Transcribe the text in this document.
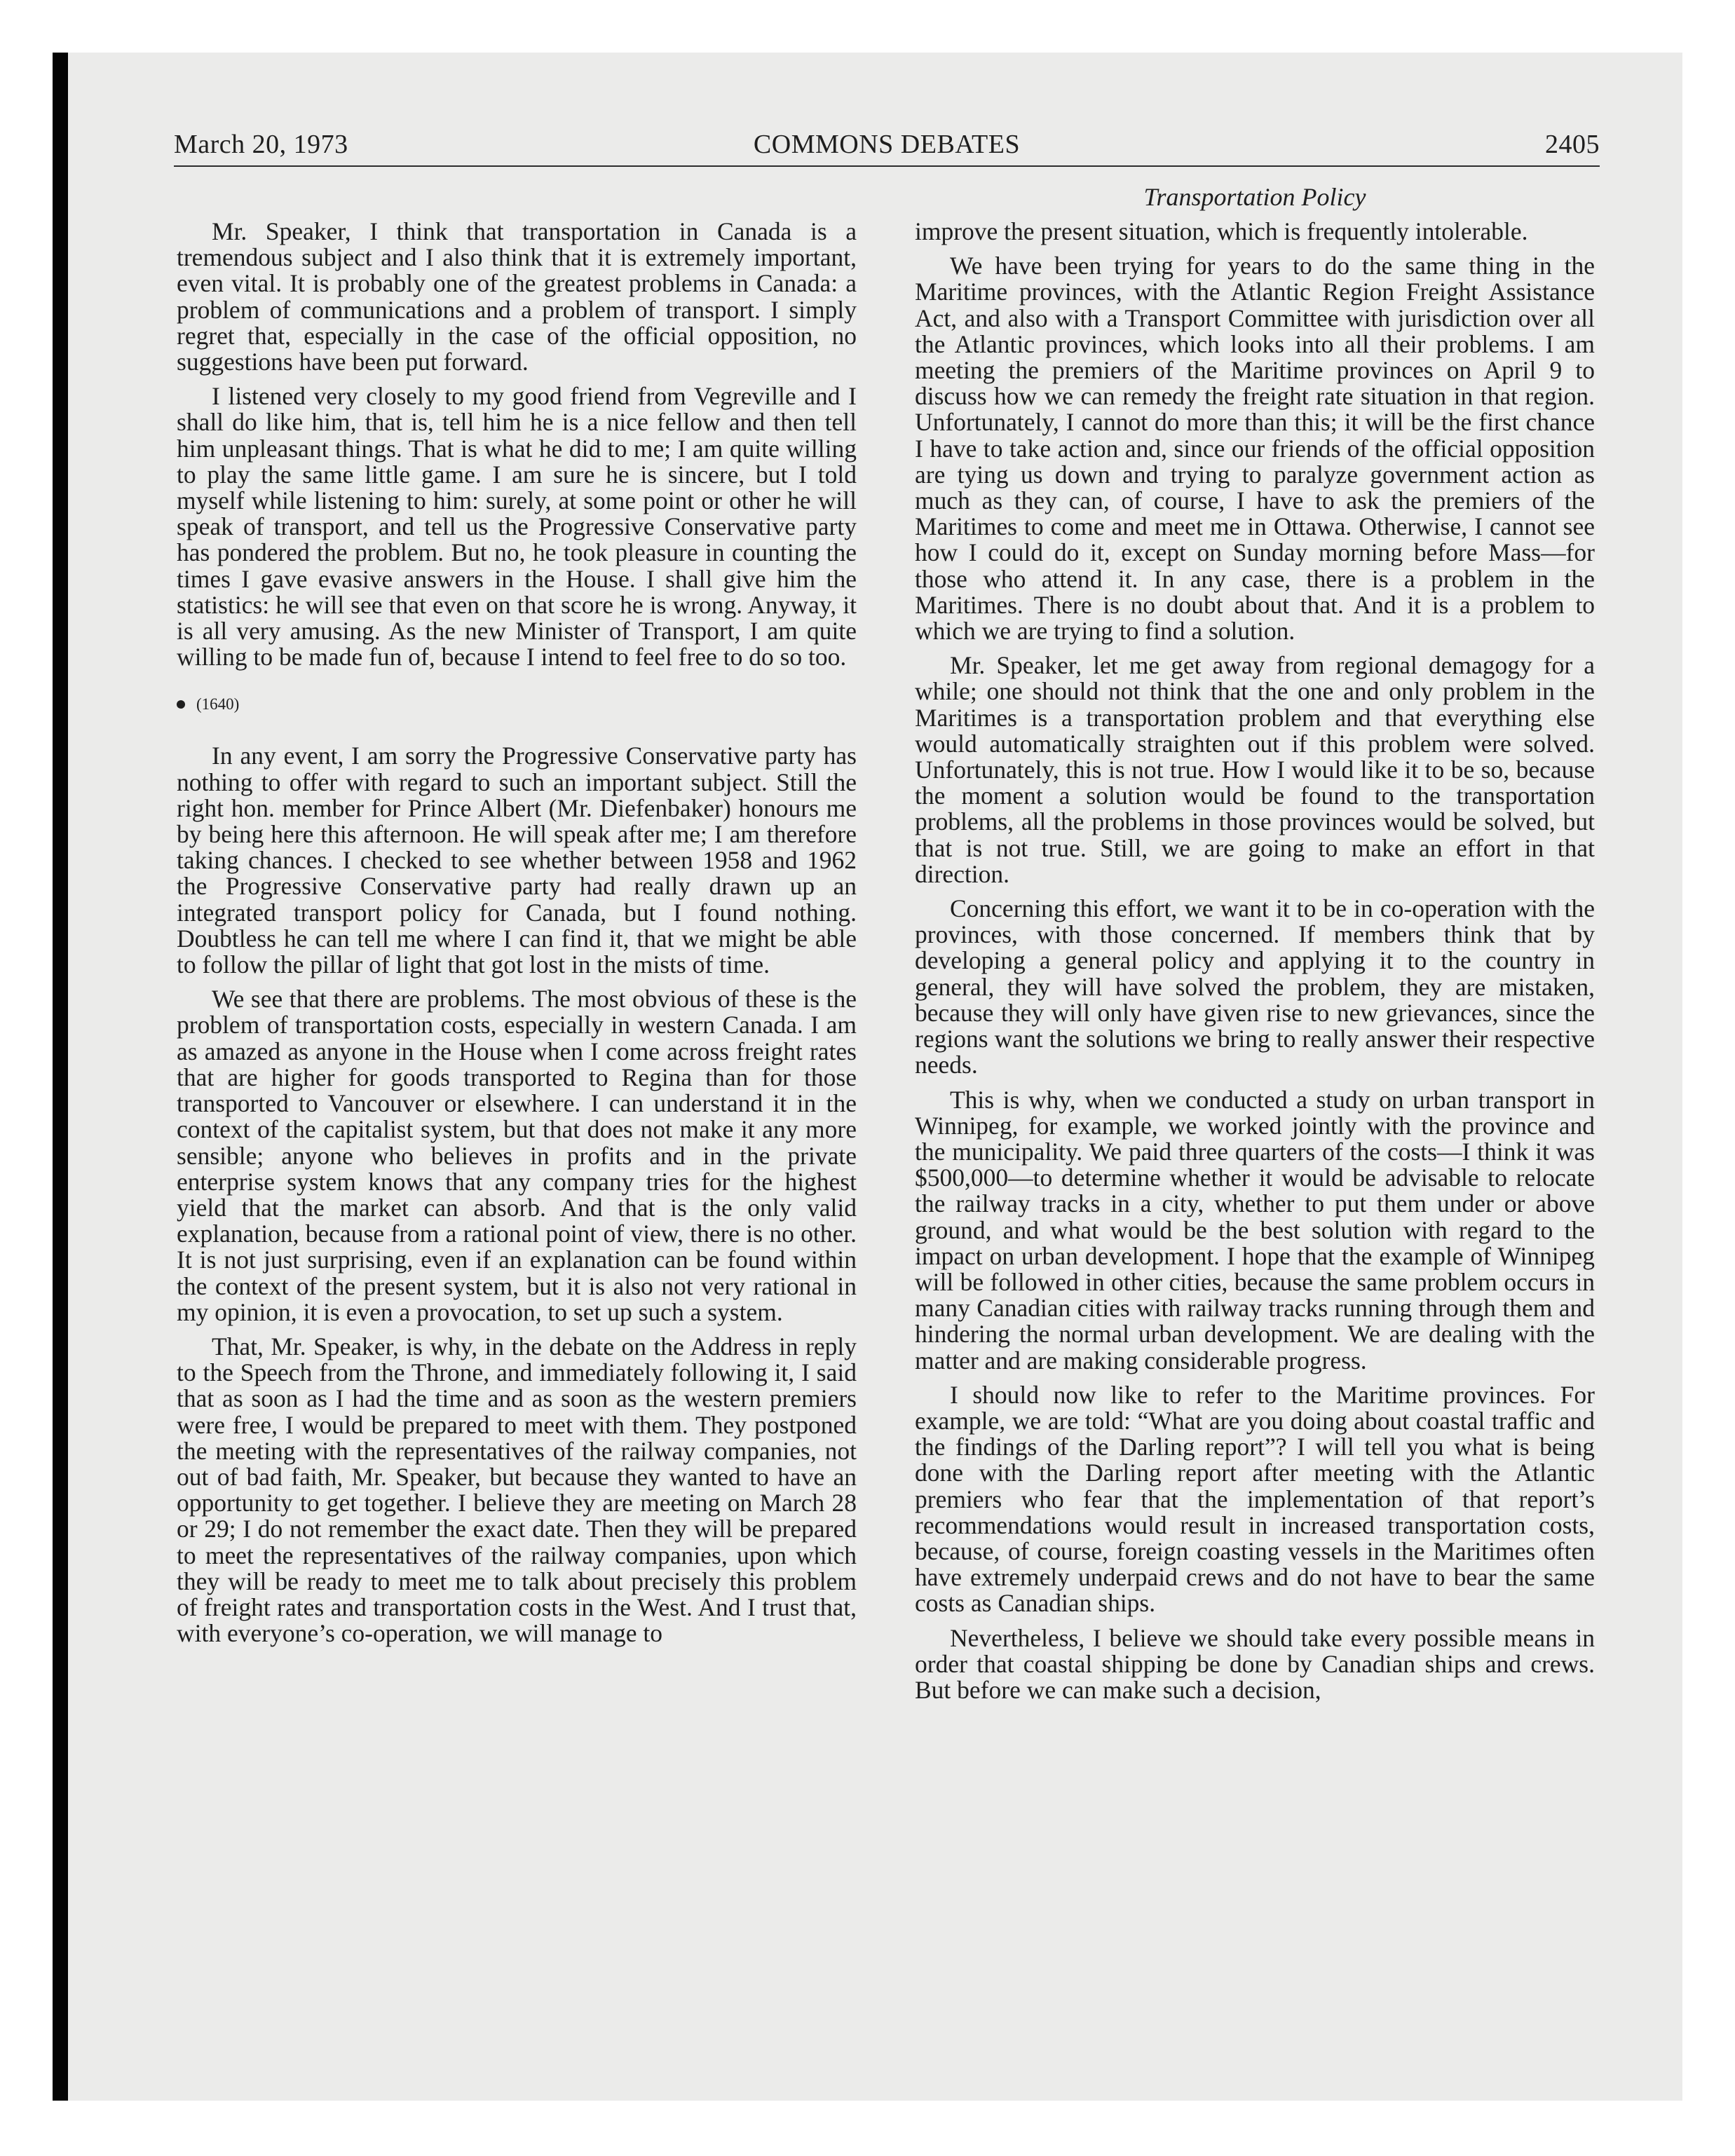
March 20, 1973	COMMONS DEBATES	2405
Transportation Policy

Mr. Speaker, I think that transportation in Canada is a tremendous subject and I also think that it is extremely important, even vital. It is probably one of the greatest problems in Canada: a problem of communications and a problem of transport. I simply regret that, especially in the case of the official opposition, no suggestions have been put forward.

I listened very closely to my good friend from Vegreville and I shall do like him, that is, tell him he is a nice fellow and then tell him unpleasant things. That is what he did to me; I am quite willing to play the same little game. I am sure he is sincere, but I told myself while listening to him: surely, at some point or other he will speak of transport, and tell us the Progressive Conservative party has pondered the problem. But no, he took pleasure in counting the times I gave evasive answers in the House. I shall give him the statistics: he will see that even on that score he is wrong. Anyway, it is all very amusing. As the new Minister of Transport, I am quite willing to be made fun of, because I intend to feel free to do so too.

(1640)

In any event, I am sorry the Progressive Conservative party has nothing to offer with regard to such an important subject. Still the right hon. member for Prince Albert (Mr. Diefenbaker) honours me by being here this afternoon. He will speak after me; I am therefore taking chances. I checked to see whether between 1958 and 1962 the Progressive Conservative party had really drawn up an integrated transport policy for Canada, but I found nothing. Doubtless he can tell me where I can find it, that we might be able to follow the pillar of light that got lost in the mists of time.

We see that there are problems. The most obvious of these is the problem of transportation costs, especially in western Canada. I am as amazed as anyone in the House when I come across freight rates that are higher for goods transported to Regina than for those transported to Vancouver or elsewhere. I can understand it in the context of the capitalist system, but that does not make it any more sensible; anyone who believes in profits and in the private enterprise system knows that any company tries for the highest yield that the market can absorb. And that is the only valid explanation, because from a rational point of view, there is no other. It is not just surprising, even if an explanation can be found within the context of the present system, but it is also not very rational in my opinion, it is even a provocation, to set up such a system.

That, Mr. Speaker, is why, in the debate on the Address in reply to the Speech from the Throne, and immediately following it, I said that as soon as I had the time and as soon as the western premiers were free, I would be prepared to meet with them. They postponed the meeting with the representatives of the railway companies, not out of bad faith, Mr. Speaker, but because they wanted to have an opportunity to get together. I believe they are meeting on March 28 or 29; I do not remember the exact date. Then they will be prepared to meet the representatives of the railway companies, upon which they will be ready to meet me to talk about precisely this problem of freight rates and transportation costs in the West. And I trust that, with everyone’s co-operation, we will manage to

improve the present situation, which is frequently intolerable.

We have been trying for years to do the same thing in the Maritime provinces, with the Atlantic Region Freight Assistance Act, and also with a Transport Committee with jurisdiction over all the Atlantic provinces, which looks into all their problems. I am meeting the premiers of the Maritime provinces on April 9 to discuss how we can remedy the freight rate situation in that region. Unfortunately, I cannot do more than this; it will be the first chance I have to take action and, since our friends of the official opposition are tying us down and trying to paralyze government action as much as they can, of course, I have to ask the premiers of the Maritimes to come and meet me in Ottawa. Otherwise, I cannot see how I could do it, except on Sunday morning before Mass—for those who attend it. In any case, there is a problem in the Maritimes. There is no doubt about that. And it is a problem to which we are trying to find a solution.

Mr. Speaker, let me get away from regional demagogy for a while; one should not think that the one and only problem in the Maritimes is a transportation problem and that everything else would automatically straighten out if this problem were solved. Unfortunately, this is not true. How I would like it to be so, because the moment a solution would be found to the transportation problems, all the problems in those provinces would be solved, but that is not true. Still, we are going to make an effort in that direction.

Concerning this effort, we want it to be in co-operation with the provinces, with those concerned. If members think that by developing a general policy and applying it to the country in general, they will have solved the problem, they are mistaken, because they will only have given rise to new grievances, since the regions want the solutions we bring to really answer their respective needs.

This is why, when we conducted a study on urban transport in Winnipeg, for example, we worked jointly with the province and the municipality. We paid three quarters of the costs—I think it was $500,000—to determine whether it would be advisable to relocate the railway tracks in a city, whether to put them under or above ground, and what would be the best solution with regard to the impact on urban development. I hope that the example of Winnipeg will be followed in other cities, because the same problem occurs in many Canadian cities with railway tracks running through them and hindering the normal urban development. We are dealing with the matter and are making considerable progress.

I should now like to refer to the Maritime provinces. For example, we are told: “What are you doing about coastal traffic and the findings of the Darling report”? I will tell you what is being done with the Darling report after meeting with the Atlantic premiers who fear that the implementation of that report’s recommendations would result in increased transportation costs, because, of course, foreign coasting vessels in the Maritimes often have extremely underpaid crews and do not have to bear the same costs as Canadian ships.

Nevertheless, I believe we should take every possible means in order that coastal shipping be done by Canadian ships and crews. But before we can make such a decision,
